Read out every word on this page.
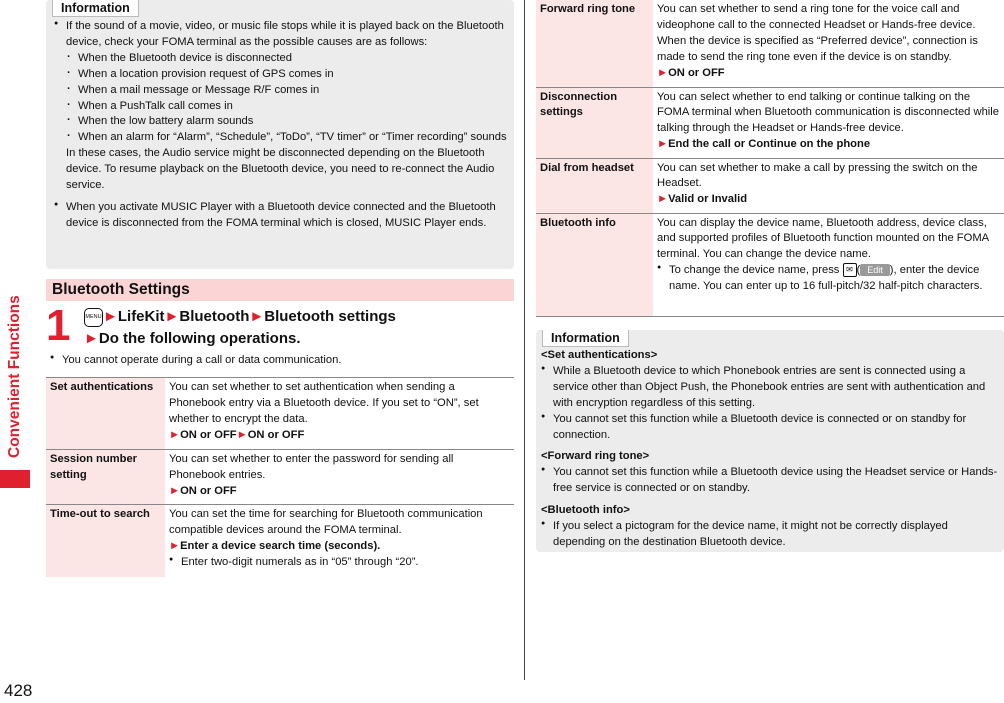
Convenient Functions
428
Information
● If the sound of a movie, video, or music file stops while it is played back on the Bluetooth device, check your FOMA terminal as the possible causes are as follows:
· When the Bluetooth device is disconnected
· When a location provision request of GPS comes in
· When a mail message or Message R/F comes in
· When a PushTalk call comes in
· When the low battery alarm sounds
· When an alarm for “Alarm”, “Schedule”, “ToDo”, “TV timer” or “Timer recording” sounds
In these cases, the Audio service might be disconnected depending on the Bluetooth device. To resume playback on the Bluetooth device, you need to re-connect the Audio service.
● When you activate MUSIC Player with a Bluetooth device connected and the Bluetooth device is disconnected from the FOMA terminal which is closed, MUSIC Player ends.
Bluetooth Settings
1	MENU►LifeKit►Bluetooth►Bluetooth settings
►Do the following operations.
● You cannot operate during a call or data communication.
Set authentications	You can set whether to set authentication when sending a Phonebook entry via a Bluetooth device. If you set to “ON”, set whether to encrypt the data.
►ON or OFF►ON or OFF

Session number setting	You can set whether to enter the password for sending all Phonebook entries.
►ON or OFF

Time-out to search	You can set the time for searching for Bluetooth communication compatible devices around the FOMA terminal.
►Enter a device search time (seconds).
● Enter two-digit numerals as in “05” through “20”.
Forward ring tone	You can set whether to send a ring tone for the voice call and videophone call to the connected Headset or Hands-free device. When the device is specified as “Preferred device”, connection is made to send the ring tone even if the device is on standby.
►ON or OFF

Disconnection settings	You can select whether to end talking or continue talking on the FOMA terminal when Bluetooth communication is disconnected while talking through the Headset or Hands-free device.
►End the call or Continue on the phone

Dial from headset	You can set whether to make a call by pressing the switch on the Headset.
►Valid or Invalid

Bluetooth info	You can display the device name, Bluetooth address, device class, and supported profiles of Bluetooth function mounted on the FOMA terminal. You can change the device name.
● To change the device name, press ✉ ( Edit ), enter the device name. You can enter up to 16 full-pitch/32 half-pitch characters.
Information
<Set authentications>
● While a Bluetooth device to which Phonebook entries are sent is connected using a service other than Object Push, the Phonebook entries are sent with authentication and with encryption regardless of this setting.
● You cannot set this function while a Bluetooth device is connected or on standby for connection.
<Forward ring tone>
● You cannot set this function while a Bluetooth device using the Headset service or Hands-free service is connected or on standby.
<Bluetooth info>
● If you select a pictogram for the device name, it might not be correctly displayed depending on the destination Bluetooth device.
